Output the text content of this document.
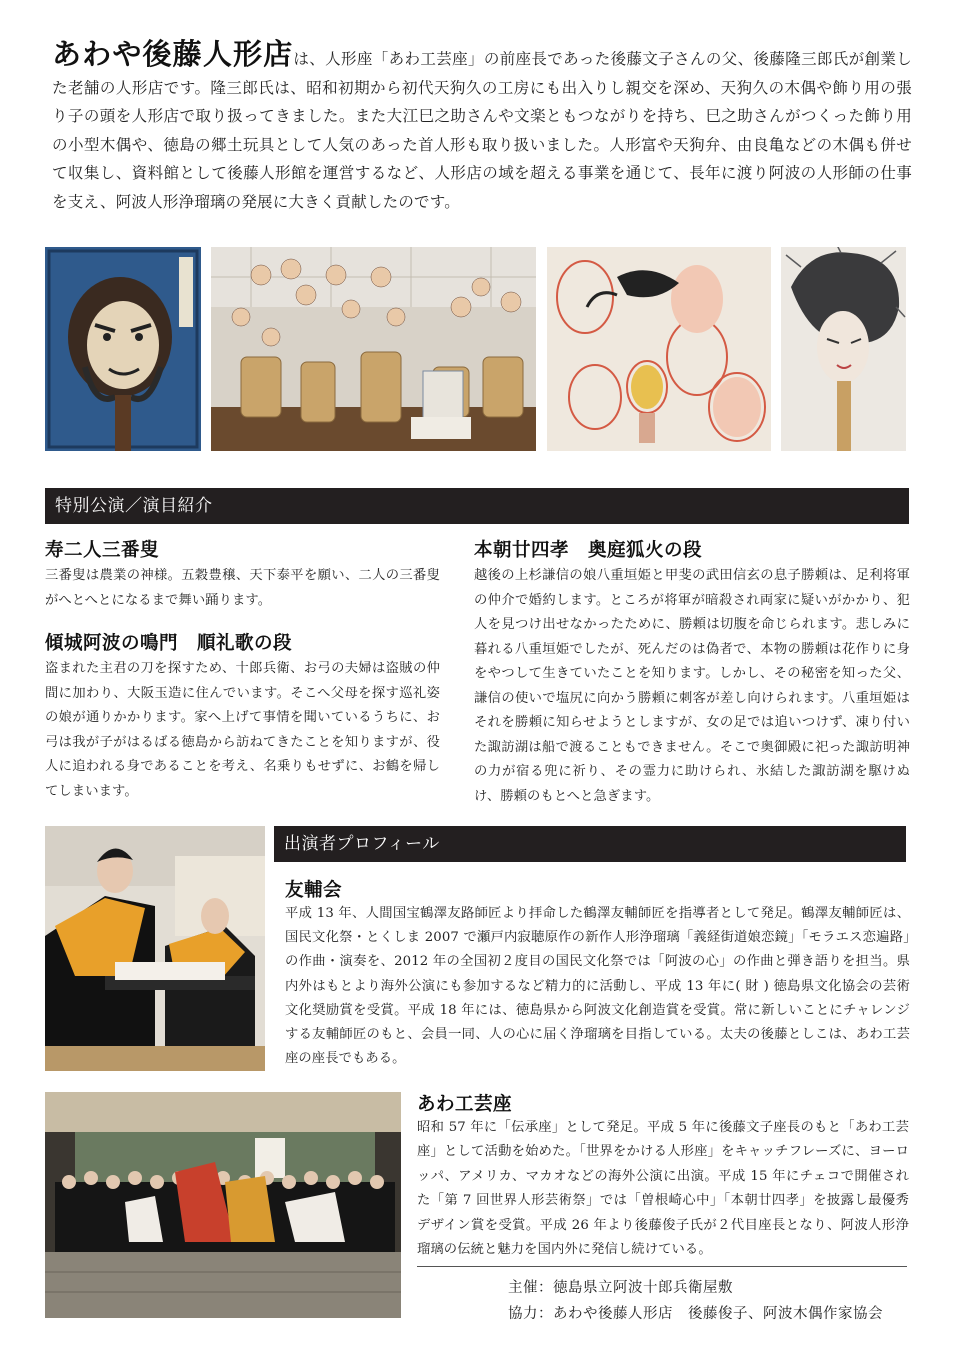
あわや後藤人形店は、人形座「あわ工芸座」の前座長であった後藤文子さんの父、後藤隆三郎氏が創業した老舗の人形店です。隆三郎氏は、昭和初期から初代天狗久の工房にも出入りし親交を深め、天狗久の木偶や飾り用の張り子の頭を人形店で取り扱ってきました。また大江巳之助さんや文楽ともつながりを持ち、巳之助さんがつくった飾り用の小型木偶や、徳島の郷土玩具として人気のあった首人形も取り扱いました。人形富や天狗弁、由良亀などの木偶も併せて収集し、資料館として後藤人形館を運営するなど、人形店の域を超える事業を通じて、長年に渡り阿波の人形師の仕事を支え、阿波人形浄瑠璃の発展に大きく貢献したのです。

特別公演／演目紹介
寿二人三番叟

三番叟は農業の神様。五穀豊穣、天下泰平を願い、二人の三番叟がへとへとになるまで舞い踊ります。

傾城阿波の鳴門　順礼歌の段

盗まれた主君の刀を探すため、十郎兵衛、お弓の夫婦は盗賊の仲間に加わり、大阪玉造に住んでいます。そこへ父母を探す巡礼姿の娘が通りかかります。家へ上げて事情を聞いているうちに、お弓は我が子がはるばる徳島から訪ねてきたことを知りますが、役人に追われる身であることを考え、名乗りもせずに、お鶴を帰してしまいます。

本朝廿四孝　奥庭狐火の段

越後の上杉謙信の娘八重垣姫と甲斐の武田信玄の息子勝頼は、足利将軍の仲介で婚約します。ところが将軍が暗殺され両家に疑いがかかり、犯人を見つけ出せなかったために、勝頼は切腹を命じられます。悲しみに暮れる八重垣姫でしたが、死んだのは偽者で、本物の勝頼は花作りに身をやつして生きていたことを知ります。しかし、その秘密を知った父、謙信の使いで塩尻に向かう勝頼に刺客が差し向けられます。八重垣姫はそれを勝頼に知らせようとしますが、女の足では追いつけず、凍り付いた諏訪湖は船で渡ることもできません。そこで奥御殿に祀った諏訪明神の力が宿る兜に祈り、その霊力に助けられ、氷結した諏訪湖を駆けぬけ、勝頼のもとへと急ぎます。

友輔会

平成 13 年、人間国宝鶴澤友路師匠より拝命した鶴澤友輔師匠を指導者として発足。鶴澤友輔師匠は、国民文化祭・とくしま 2007 で瀬戸内寂聴原作の新作人形浄瑠璃「義経街道娘恋鏡」「モラエス恋遍路」の作曲・演奏を、2012 年の全国初２度目の国民文化祭では「阿波の心」の作曲と弾き語りを担当。県内外はもとより海外公演にも参加するなど精力的に活動し、平成 13 年に( 財 ) 徳島県文化協会の芸術文化奨励賞を受賞。平成 18 年には、徳島県から阿波文化創造賞を受賞。常に新しいことにチャレンジする友輔師匠のもと、会員一同、人の心に届く浄瑠璃を目指している。太夫の後藤としこは、あわ工芸座の座長でもある。

あわ工芸座

昭和 57 年に「伝承座」として発足。平成 5 年に後藤文子座長のもと「あわ工芸座」として活動を始めた。「世界をかける人形座」をキャッチフレーズに、ヨーロッパ、アメリカ、マカオなどの海外公演に出演。平成 15 年にチェコで開催された「第 7 回世界人形芸術祭」では「曽根崎心中」「本朝廿四孝」を披露し最優秀デザイン賞を受賞。平成 26 年より後藤俊子氏が２代目座長となり、阿波人形浄瑠璃の伝統と魅力を国内外に発信し続けている。

出演者プロフィール
主催：徳島県立阿波十郎兵衛屋敷
協力：あわや後藤人形店　後藤俊子、阿波木偶作家協会
